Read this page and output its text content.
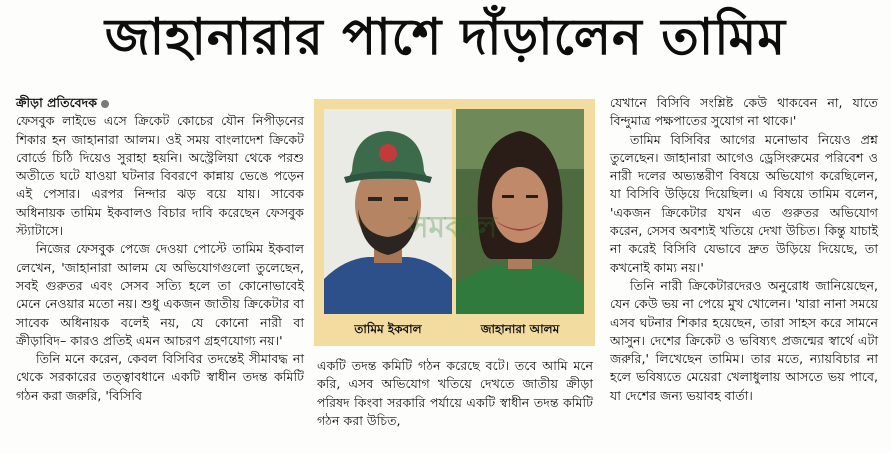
জাহানারার পাশে দাঁড়ালেন তামিম

ক্রীড়া প্রতিবেদক

ফেসবুক লাইভে এসে ক্রিকেট কোচের যৌন নিপীড়নের শিকার হন জাহানারা আলম। ওই সময় বাংলাদেশ ক্রিকেট বোর্ডে চিঠি দিয়েও সুরাহা হয়নি। অস্ট্রেলিয়া থেকে পরশু অতীতে ঘটে যাওয়া ঘটনার বিবরণে কান্নায় ভেঙে পড়েন এই পেসার। এরপর নিন্দার ঝড় বয়ে যায়। সাবেক অধিনায়ক তামিম ইকবালও বিচার দাবি করেছেন ফেসবুক স্ট্যাটাসে।

নিজের ফেসবুক পেজে দেওয়া পোস্টে তামিম ইকবাল লেখেন, 'জাহানারা আলম যে অভিযোগগুলো তুলেছেন, সবই গুরুতর এবং সেসব সত্যি হলে তা কোনোভাবেই মেনে নেওয়ার মতো নয়। শুধু একজন জাতীয় ক্রিকেটার বা সাবেক অধিনায়ক বলেই নয়, যে কোনো নারী বা ক্রীড়াবিদ– কারও প্রতিই এমন আচরণ গ্রহণযোগ্য নয়।'

তিনি মনে করেন, কেবল বিসিবির তদন্তেই সীমাবদ্ধ না থেকে সরকারের তত্ত্বাবধানে একটি স্বাধীন তদন্ত কমিটি গঠন করা জরুরি, 'বিসিবি

তামিম ইকবাল	জাহানারা আলম
সমকাল

একটি তদন্ত কমিটি গঠন করেছে বটে। তবে আমি মনে করি, এসব অভিযোগ খতিয়ে দেখতে জাতীয় ক্রীড়া পরিষদ কিংবা সরকারি পর্যায়ে একটি স্বাধীন তদন্ত কমিটি গঠন করা উচিত,

যেখানে বিসিবি সংশ্লিষ্ট কেউ থাকবেন না, যাতে বিন্দুমাত্র পক্ষপাতের সুযোগ না থাকে।'

তামিম বিসিবির আগের মনোভাব নিয়েও প্রশ্ন তুলেছেন। জাহানারা আগেও ড্রেসিংরুমের পরিবেশ ও নারী দলের অভ্যন্তরীণ বিষয়ে অভিযোগ করেছিলেন, যা বিসিবি উড়িয়ে দিয়েছিল। এ বিষয়ে তামিম বলেন, 'একজন ক্রিকেটার যখন এত গুরুতর অভিযোগ করেন, সেসব অবশ্যই খতিয়ে দেখা উচিত। কিন্তু যাচাই না করেই বিসিবি যেভাবে দ্রুত উড়িয়ে দিয়েছে, তা কখনোই কাম্য নয়।'

তিনি নারী ক্রিকেটারদেরও অনুরোধ জানিয়েছেন, যেন কেউ ভয় না পেয়ে মুখ খোলেন। 'যারা নানা সময়ে এসব ঘটনার শিকার হয়েছেন, তারা সাহস করে সামনে আসুন। দেশের ক্রিকেট ও ভবিষ্যৎ প্রজন্মের স্বার্থে এটা জরুরি,' লিখেছেন তামিম। তার মতে, ন্যায়বিচার না হলে ভবিষ্যতে মেয়েরা খেলাধুলায় আসতে ভয় পাবে, যা দেশের জন্য ভয়াবহ বার্তা।
